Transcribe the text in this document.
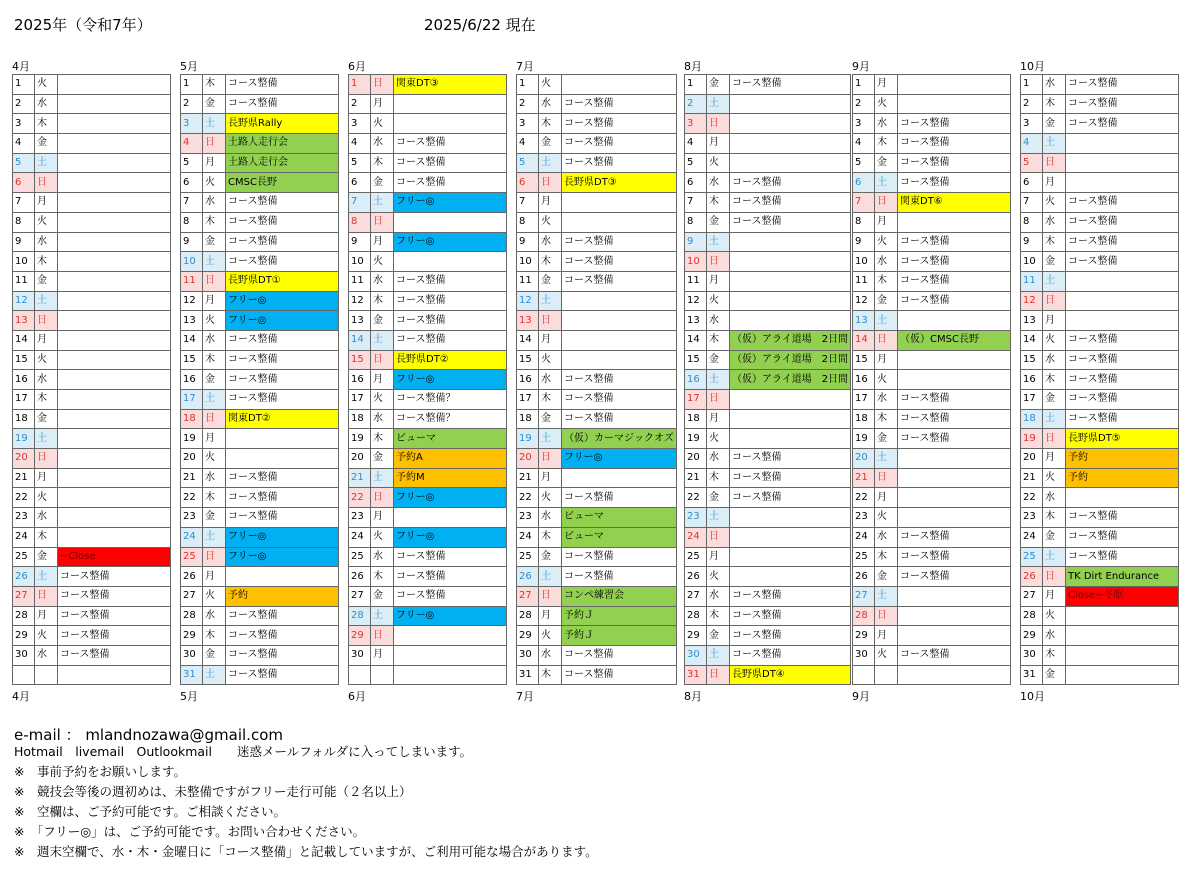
2025年（令和7年）	2025/6/22 現在
4月
1	火	
2	水	
3	木	
4	金	
5	土	
6	日	
7	月	
8	火	
9	水	
10	木	
11	金	
12	土	
13	日	
14	月	
15	火	
16	水	
17	木	
18	金	
19	土	
20	日	
21	月	
22	火	
23	水	
24	木	
25	金	~Close
26	土	コース整備
27	日	コース整備
28	月	コース整備
29	火	コース整備
30	水	コース整備

4月
5月
1	木	コース整備
2	金	コース整備
3	土	長野県Rally
4	日	土路人走行会
5	月	土路人走行会
6	火	CMSC長野
7	水	コース整備
8	木	コース整備
9	金	コース整備
10	土	コース整備
11	日	長野県DT①
12	月	フリー◎
13	火	フリー◎
14	水	コース整備
15	木	コース整備
16	金	コース整備
17	土	コース整備
18	日	関東DT②
19	月	
20	火	
21	水	コース整備
22	木	コース整備
23	金	コース整備
24	土	フリー◎
25	日	フリー◎
26	月	
27	火	予約
28	水	コース整備
29	木	コース整備
30	金	コース整備
31	土	コース整備
5月
6月
1	日	関東DT③
2	月	
3	火	
4	水	コース整備
5	木	コース整備
6	金	コース整備
7	土	フリー◎
8	日	
9	月	フリー◎
10	火	
11	水	コース整備
12	木	コース整備
13	金	コース整備
14	土	コース整備
15	日	長野県DT②
16	月	フリー◎
17	火	コース整備？
18	水	コース整備？
19	木	ビューマ
20	金	予約A
21	土	予約M
22	日	フリー◎
23	月	
24	火	フリー◎
25	水	コース整備
26	木	コース整備
27	金	コース整備
28	土	フリー◎
29	日	
30	月	

6月
7月
1	火	
2	水	コース整備
3	木	コース整備
4	金	コース整備
5	土	コース整備
6	日	長野県DT③
7	月	
8	火	
9	水	コース整備
10	木	コース整備
11	金	コース整備
12	土	
13	日	
14	月	
15	火	
16	水	コース整備
17	木	コース整備
18	金	コース整備
19	土	（仮）カーマジックオズ
20	日	フリー◎
21	月	
22	火	コース整備
23	水	ビューマ
24	木	ビューマ
25	金	コース整備
26	土	コース整備
27	日	コンペ練習会
28	月	予約Ｊ
29	火	予約Ｊ
30	水	コース整備
31	木	コース整備
7月
8月
1	金	コース整備
2	土	
3	日	
4	月	
5	火	
6	水	コース整備
7	木	コース整備
8	金	コース整備
9	土	
10	日	
11	月	
12	火	
13	水	
14	木	（仮）アライ道場　2日間
15	金	（仮）アライ道場　2日間
16	土	（仮）アライ道場　2日間
17	日	
18	月	
19	火	
20	水	コース整備
21	木	コース整備
22	金	コース整備
23	土	
24	日	
25	月	
26	火	
27	水	コース整備
28	木	コース整備
29	金	コース整備
30	土	コース整備
31	日	長野県DT④
8月
9月
1	月	
2	火	
3	水	コース整備
4	木	コース整備
5	金	コース整備
6	土	コース整備
7	日	関東DT⑥
8	月	
9	火	コース整備
10	水	コース整備
11	木	コース整備
12	金	コース整備
13	土	
14	日	（仮）CMSC長野
15	月	
16	火	
17	水	コース整備
18	木	コース整備
19	金	コース整備
20	土	
21	日	
22	月	
23	火	
24	水	コース整備
25	木	コース整備
26	金	コース整備
27	土	
28	日	
29	月	
30	火	コース整備

9月
10月
1	水	コース整備
2	木	コース整備
3	金	コース整備
4	土	
5	日	
6	月	
7	火	コース整備
8	水	コース整備
9	木	コース整備
10	金	コース整備
11	土	
12	日	
13	月	
14	火	コース整備
15	水	コース整備
16	木	コース整備
17	金	コース整備
18	土	コース整備
19	日	長野県DT⑤
20	月	予約
21	火	予約
22	水	
23	木	コース整備
24	金	コース整備
25	土	コース整備
26	日	TK Dirt Endurance
27	月	Close~冬眠
28	火	
29	水	
30	木	
31	金	
10月
e-mail ： mlandnozawa@gmail.com
Hotmail　livemail　Outlookmail　　迷惑メールフォルダに入ってしまいます。
※　事前予約をお願いします。
※　競技会等後の週初めは、未整備ですがフリー走行可能（２名以上）
※　空欄は、ご予約可能です。ご相談ください。
※　「フリー◎」は、ご予約可能です。お問い合わせください。
※　週末空欄で、水・木・金曜日に「コース整備」と記載していますが、ご利用可能な場合があります。
